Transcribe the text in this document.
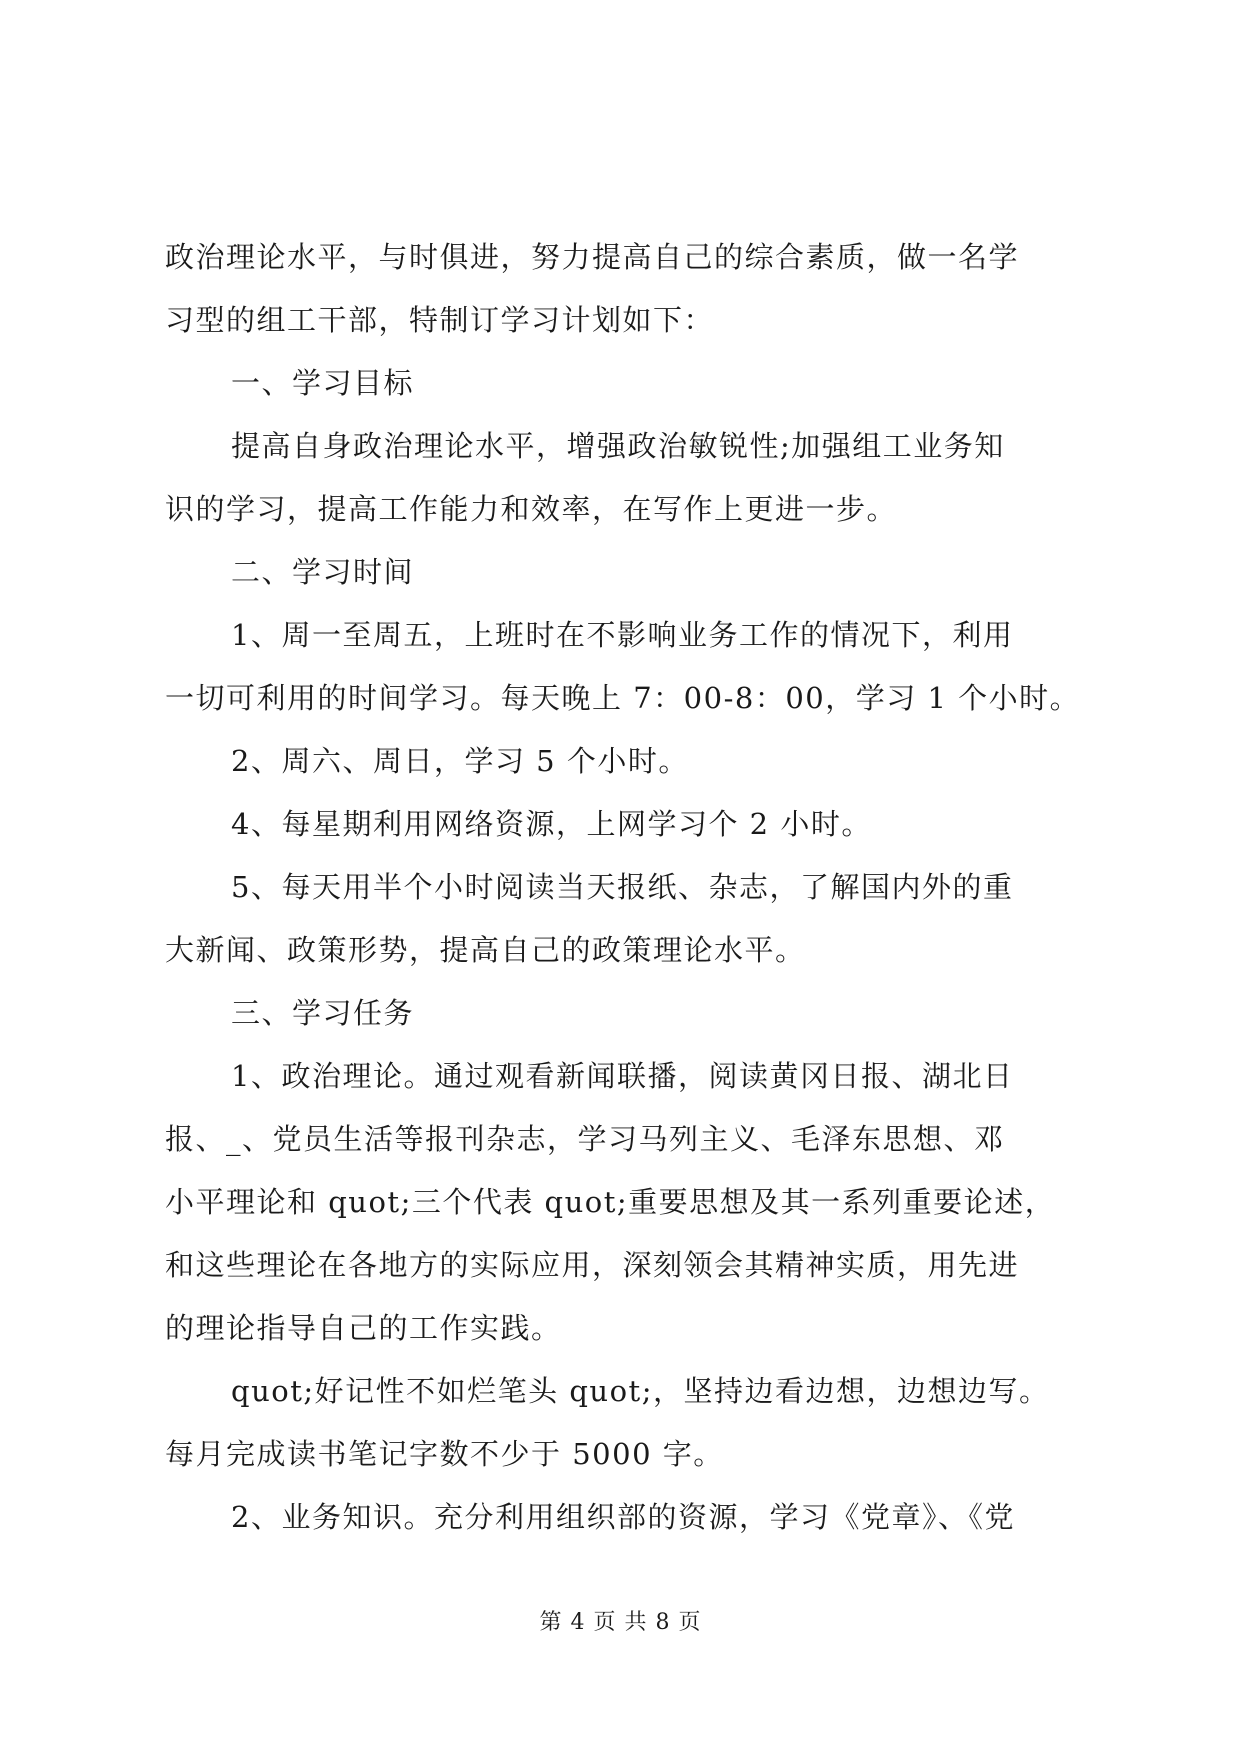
政治理论水平，与时俱进，努力提高自己的综合素质，做一名学
习型的组工干部，特制订学习计划如下：
一、学习目标
提高自身政治理论水平，增强政治敏锐性;加强组工业务知
识的学习，提高工作能力和效率，在写作上更进一步。
二、学习时间
1、周一至周五，上班时在不影响业务工作的情况下，利用
一切可利用的时间学习。每天晚上 7：00-8：00，学习 1 个小时。
2、周六、周日，学习 5 个小时。
4、每星期利用网络资源，上网学习个 2 小时。
5、每天用半个小时阅读当天报纸、杂志，了解国内外的重
大新闻、政策形势，提高自己的政策理论水平。
三、学习任务
1、政治理论。通过观看新闻联播，阅读黄冈日报、湖北日
报、_、党员生活等报刊杂志，学习马列主义、毛泽东思想、邓
小平理论和 quot;三个代表 quot;重要思想及其一系列重要论述，
和这些理论在各地方的实际应用，深刻领会其精神实质，用先进
的理论指导自己的工作实践。
quot;好记性不如烂笔头 quot;，坚持边看边想，边想边写。
每月完成读书笔记字数不少于 5000 字。
2、业务知识。充分利用组织部的资源，学习《党章》、《党
第 4 页 共 8 页
